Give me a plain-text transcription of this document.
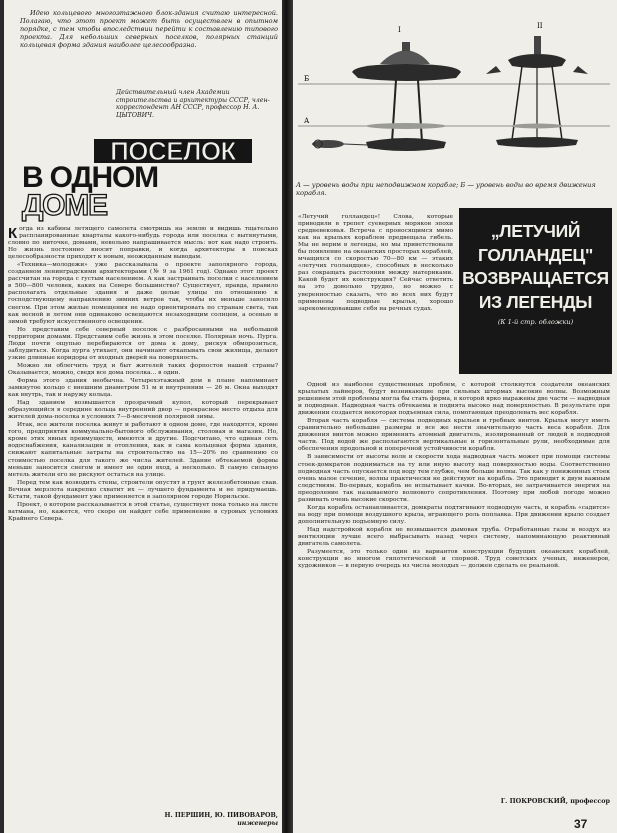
Идею кольцевого многоэтажного блок-здания считаю интересной. Полагаю, что этот проект может быть осуществлен в опытном порядке, с тем чтобы впоследствии перейти к составлению типового проекта. Для небольших северных поселков, полярных станций кольцевая форма здания наиболее целесообразна.

Действительный член Академии строительства и архитектуры СССР, член-корреспондент АН СССР, профессор Н. А. ЦЫТОВИЧ.
ПОСЕЛОК
В ОДНОМ
ДОМЕ

Когда из кабины летящего самолета смотришь на землю и видишь тщательно распланированные кварталы какого-нибудь города или поселка с вытянутыми, словно по ниточке, домами, невольно напрашивается мысль: вот как надо строить. Но жизнь постоянно вносит поправки, и когда архитекторы в поисках целесообразности приходят к новым, неожиданным выводам.

«Техника—молодежи» уже рассказывала о проекте заполярного города, созданном ленинградскими архитекторами (№ 9 за 1961 год). Однако этот проект рассчитан на города с густым населением. А как застраивать поселки с населением в 500—800 человек, каких на Севере большинство? Существует, правда, правило располагать отдельные здания и даже целые улицы по отношению к господствующему направлению зимних ветров так, чтобы их меньше заносило снегом. При этом жилые помещения не надо ориентировать по странам света, так как весной и летом они одинаково освещаются незаходящим солнцем, а осенью и зимой требуют искусственного освещения.

Но представим себе северный поселок с разбросанными на небольшой территории домами. Представим себе жизнь в этом поселке. Полярная ночь. Пурга. Люди почти ощупью перебираются от дома к дому, рискуя обморозиться, заблудиться. Когда пурга утихает, они начинают откапывать свои жилища, делают узкие длинные коридоры от входных дверей на поверхность.

Можно ли облегчить труд и быт жителей таких форпостов нашей страны? Оказывается, можно, сведя все дома поселка... в один.

Форма этого здания необычна. Четырехэтажный дом в плане напоминает замкнутое кольцо с внешним диаметром 51 м и внутренним — 26 м. Окна выходят как внутрь, так и наружу кольца.

Над зданием возвышается прозрачный купол, который перекрывает образующийся в середине кольца внутренний двор — прекрасное место отдыха для жителей дома-поселка в условиях 7—8-месячной полярной зимы.

Итак, все жители поселка живут и работают в одном доме, где находятся, кроме того, предприятия коммунально-бытового обслуживания, столовая и магазин. Но, кроме этих явных преимуществ, имеются и другие. Подсчитано, что единая сеть водоснабжения, канализации и отопления, как и сама кольцевая форма здания, снижают капитальные затраты на строительство на 15—20% по сравнению со стоимостью поселка для такого же числа жителей. Здание обтекаемой формы меньше заносится снегом и имеет не один вход, а несколько. В самую сильную метель жители его не рискуют остаться на улице.

Перед тем как возводить стены, строители опустят в грунт железобетонные сваи. Вечная мерзлота накрепко схватит их — лучшего фундамента и не придумаешь. Кстати, такой фундамент уже применяется в заполярном городе Норильске.

Проект, о котором рассказывается в этой статье, существует пока только на листе ватмана, но, кажется, что скоро он найдет себе применение в суровых условиях Крайнего Севера.

Н. ПЕРШИН, Ю. ПИВОВАРОВ,
инженеры
I	II
Б
А
А — уровень воды при неподвижном корабле; Б — уровень воды во время движения корабля.
„ЛЕТУЧИЙ
ГОЛЛАНДЕЦ"
ВОЗВРАЩАЕТСЯ
ИЗ ЛЕГЕНДЫ
(К 1-й стр. обложки)

«Летучий голландец»! Слова, которые приводили в трепет суеверных моряков эпохи средневековья. Встреча с проносящимся мимо как на крыльях кораблем предвещала гибель. Мы не верим в легенды, но мы приветствовали бы появление на океанских просторах кораблей, мчащихся со скоростью 70—80 км — этаких «летучих голландцев», способных в несколько раз сокращать расстояния между материками. Какой будет их конструкция? Сейчас ответить на это довольно трудно, но можно с уверенностью сказать, что во всех них будут применены подводные крылья, хорошо зарекомендовавшие себя на речных судах.

Одной из наиболее существенных проблем, с которой столкнутся создатели океанских крылатых лайнеров, будут возникающие при сильных штормах высокие волны. Возможным решением этой проблемы могла бы стать форма, в которой ярко выражены две части — надводная и подводная. Надводная часть обтекаема и поднята высоко над поверхностью. В результате при движении создается некоторая подъемная сила, помогающая преодолевать вес корабля.

Вторая часть корабля — система подводных крыльев и гребных винтов. Крылья могут иметь сравнительно небольшие размеры и все же нести значительную часть веса корабля. Для движения винтов можно применить атомный двигатель, изолированный от людей в подводной части. Под водой же располагаются вертикальные и горизонтальные рули, необходимые для обеспечения продольной и поперечной устойчивости корабля.

В зависимости от высоты волн и скорости хода надводная часть может при помощи системы стоек-домкратов подниматься на ту или иную высоту над поверхностью воды. Соответственно подводная часть опускается под воду тем глубже, чем больше волны. Так как у пониженных стоек очень малое сечение, волны практически не действуют на корабль. Это приводит к двум важным следствиям. Во-первых, корабль не испытывает качки. Во-вторых, не затрачивается энергия на преодоление так называемого волнового сопротивления. Поэтому при любой погоде можно развивать очень высокие скорости.

Когда корабль останавливается, домкраты подтягивают подводную часть, и корабль «садится» на воду при помощи воздушного крыла, играющего роль поплавка. При движении крыло создает дополнительную подъемную силу.

Над надстройкой корабля не возвышается дымовая труба. Отработанные газы и воздух из вентиляции лучше всего выбрасывать назад через систему, напоминающую реактивный двигатель самолета.

Разумеется, это только один из вариантов конструкции будущих океанских кораблей, конструкции во многом гипотетической и спорной. Труд советских ученых, инженеров, художников — в первую очередь из числа молодых — должен сделать ее реальной.

Г. ПОКРОВСКИЙ, профессор
37
